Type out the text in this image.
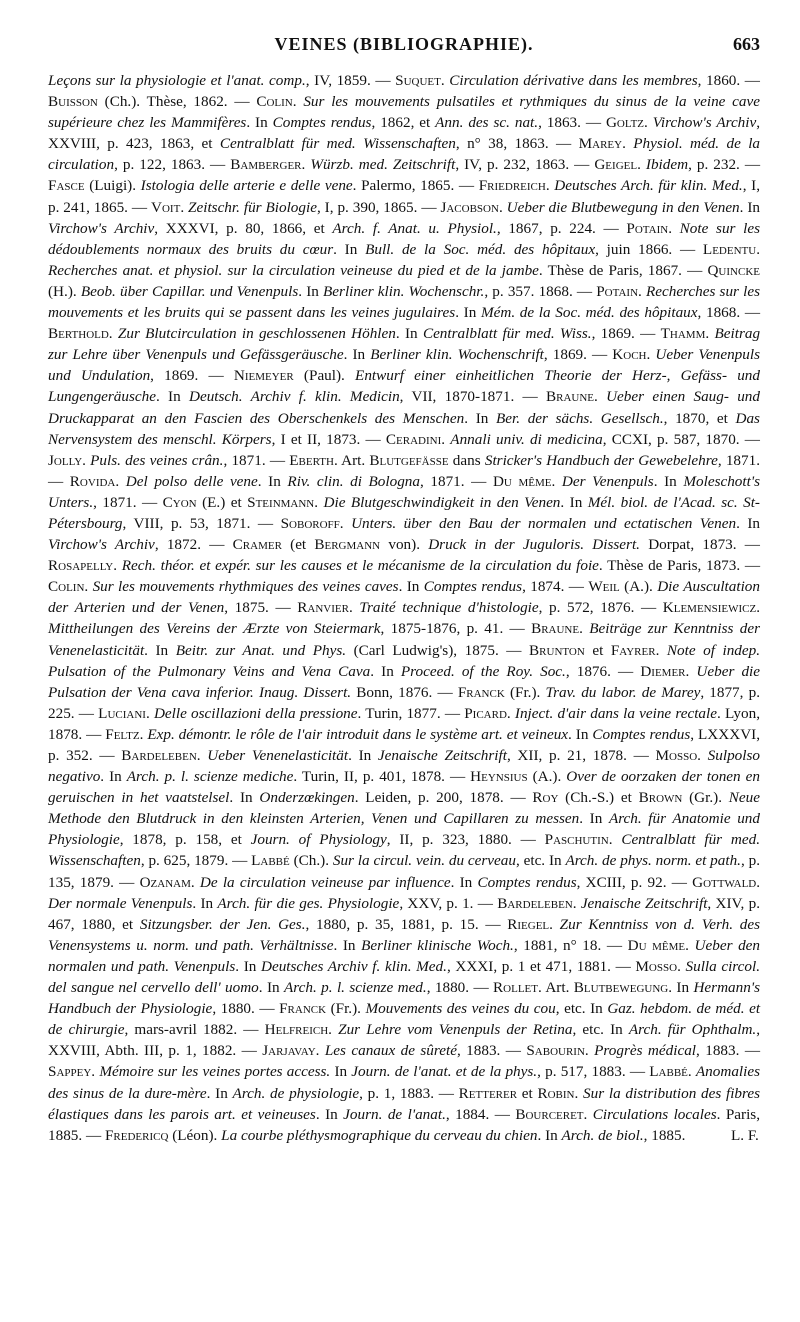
VEINES (BIBLIOGRAPHIE).	663

Leçons sur la physiologie et l'anat. comp., IV, 1859. — Suquet. Circulation dérivative dans les membres, 1860. — Buisson (Ch.). Thèse, 1862. — Colin. Sur les mouvements pulsatiles et rythmiques du sinus de la veine cave supérieure chez les Mammifères. In Comptes rendus, 1862, et Ann. des sc. nat., 1863. — Goltz. Virchow's Archiv, XXVIII, p. 423, 1863, et Centralblatt für med. Wissenschaften, n° 38, 1863. — Marey. Physiol. méd. de la circulation, p. 122, 1863. — Bamberger. Würzb. med. Zeitschrift, IV, p. 232, 1863. — Geigel. Ibidem, p. 232. — Fasce (Luigi). Istologia delle arterie e delle vene. Palermo, 1865. — Friedreich. Deutsches Arch. für klin. Med., I, p. 241, 1865. — Voit. Zeitschr. für Biologie, I, p. 390, 1865. — Jacobson. Ueber die Blutbewegung in den Venen. In Virchow's Archiv, XXXVI, p. 80, 1866, et Arch. f. Anat. u. Physiol., 1867, p. 224. — Potain. Note sur les dédoublements normaux des bruits du cœur. In Bull. de la Soc. méd. des hôpitaux, juin 1866. — Ledentu. Recherches anat. et physiol. sur la circulation veineuse du pied et de la jambe. Thèse de Paris, 1867. — Quincke (H.). Beob. über Capillar. und Venenpuls. In Berliner klin. Wochenschr., p. 357. 1868. — Potain. Recherches sur les mouvements et les bruits qui se passent dans les veines jugulaires. In Mém. de la Soc. méd. des hôpitaux, 1868. — Berthold. Zur Blutcirculation in geschlossenen Höhlen. In Centralblatt für med. Wiss., 1869. — Thamm. Beitrag zur Lehre über Venenpuls und Gefässgeräusche. In Berliner klin. Wochenschrift, 1869. — Koch. Ueber Venenpuls und Undulation, 1869. — Niemeyer (Paul). Entwurf einer einheitlichen Theorie der Herz-, Gefäss- und Lungengeräusche. In Deutsch. Archiv f. klin. Medicin, VII, 1870-1871. — Braune. Ueber einen Saug- und Druckapparat an den Fascien des Oberschenkels des Menschen. In Ber. der sächs. Gesellsch., 1870, et Das Nervensystem des menschl. Körpers, I et II, 1873. — Ceradini. Annali univ. di medicina, CCXI, p. 587, 1870. — Jolly. Puls. des veines crân., 1871. — Eberth. Art. Blutgefässe dans Stricker's Handbuch der Gewebelehre, 1871. — Rovida. Del polso delle vene. In Riv. clin. di Bologna, 1871. — Du même. Der Venenpuls. In Moleschott's Unters., 1871. — Cyon (E.) et Steinmann. Die Blutgeschwindigkeit in den Venen. In Mél. biol. de l'Acad. sc. St-Pétersbourg, VIII, p. 53, 1871. — Soboroff. Unters. über den Bau der normalen und ectatischen Venen. In Virchow's Archiv, 1872. — Cramer (et Bergmann von). Druck in der Juguloris. Dissert. Dorpat, 1873. — Rosapelly. Rech. théor. et expér. sur les causes et le mécanisme de la circulation du foie. Thèse de Paris, 1873. — Colin. Sur les mouvements rhythmiques des veines caves. In Comptes rendus, 1874. — Weil (A.). Die Auscultation der Arterien und der Venen, 1875. — Ranvier. Traité technique d'histologie, p. 572, 1876. — Klemensiewicz. Mittheilungen des Vereins der Ærzte von Steiermark, 1875-1876, p. 41. — Braune. Beiträge zur Kenntniss der Venenelasticität. In Beitr. zur Anat. und Phys. (Carl Ludwig's), 1875. — Brunton et Fayrer. Note of indep. Pulsation of the Pulmonary Veins and Vena Cava. In Proceed. of the Roy. Soc., 1876. — Diemer. Ueber die Pulsation der Vena cava inferior. Inaug. Dissert. Bonn, 1876. — Franck (Fr.). Trav. du labor. de Marey, 1877, p. 225. — Luciani. Delle oscillazioni della pressione. Turin, 1877. — Picard. Inject. d'air dans la veine rectale. Lyon, 1878. — Feltz. Exp. démontr. le rôle de l'air introduit dans le système art. et veineux. In Comptes rendus, LXXXVI, p. 352. — Bardeleben. Ueber Venenelasticität. In Jenaische Zeitschrift, XII, p. 21, 1878. — Mosso. Sulpolso negativo. In Arch. p. l. scienze mediche. Turin, II, p. 401, 1878. — Heynsius (A.). Over de oorzaken der tonen en geruischen in het vaatstelsel. In Onderzœkingen. Leiden, p. 200, 1878. — Roy (Ch.-S.) et Brown (Gr.). Neue Methode den Blutdruck in den kleinsten Arterien, Venen und Capillaren zu messen. In Arch. für Anatomie und Physiologie, 1878, p. 158, et Journ. of Physiology, II, p. 323, 1880. — Paschutin. Centralblatt für med. Wissenschaften, p. 625, 1879. — Labbé (Ch.). Sur la circul. vein. du cerveau, etc. In Arch. de phys. norm. et path., p. 135, 1879. — Ozanam. De la circulation veineuse par influence. In Comptes rendus, XCIII, p. 92. — Gottwald. Der normale Venenpuls. In Arch. für die ges. Physiologie, XXV, p. 1. — Bardeleben. Jenaische Zeitschrift, XIV, p. 467, 1880, et Sitzungsber. der Jen. Ges., 1880, p. 35, 1881, p. 15. — Riegel. Zur Kenntniss von d. Verh. des Venensystems u. norm. und path. Verhältnisse. In Berliner klinische Woch., 1881, n° 18. — Du même. Ueber den normalen und path. Venenpuls. In Deutsches Archiv f. klin. Med., XXXI, p. 1 et 471, 1881. — Mosso. Sulla circol. del sangue nel cervello dell' uomo. In Arch. p. l. scienze med., 1880. — Rollet. Art. Blutbewegung. In Hermann's Handbuch der Physiologie, 1880. — Franck (Fr.). Mouvements des veines du cou, etc. In Gaz. hebdom. de méd. et de chirurgie, mars-avril 1882. — Helfreich. Zur Lehre vom Venenpuls der Retina, etc. In Arch. für Ophthalm., XXVIII, Abth. III, p. 1, 1882. — Jarjavay. Les canaux de sûreté, 1883. — Sabourin. Progrès médical, 1883. — Sappey. Mémoire sur les veines portes access. In Journ. de l'anat. et de la phys., p. 517, 1883. — Labbé. Anomalies des sinus de la dure-mère. In Arch. de physiologie, p. 1, 1883. — Retterer et Robin. Sur la distribution des fibres élastiques dans les parois art. et veineuses. In Journ. de l'anat., 1884. — Bourceret. Circulations locales. Paris, 1885. — Fredericq (Léon). La courbe pléthysmographique du cerveau du chien. In Arch. de biol., 1885.            L. F.
